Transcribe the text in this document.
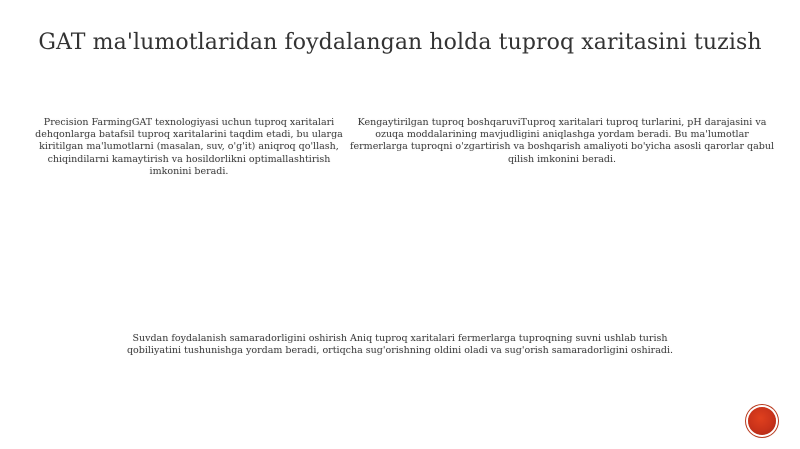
GAT ma'lumotlaridan foydalangan holda tuproq xaritasini tuzish
Precision FarmingGAT texnologiyasi uchun tuproq xaritalari dehqonlarga batafsil tuproq xaritalarini taqdim etadi, bu ularga kiritilgan ma'lumotlarni (masalan, suv, o'g'it) aniqroq qo'llash, chiqindilarni kamaytirish va hosildorlikni optimallashtirish imkonini beradi.
Kengaytirilgan tuproq boshqaruviTuproq xaritalari tuproq turlarini, pH darajasini va ozuqa moddalarining mavjudligini aniqlashga yordam beradi. Bu ma'lumotlar fermerlarga tuproqni o'zgartirish va boshqarish amaliyoti bo'yicha asosli qarorlar qabul qilish imkonini beradi.
Suvdan foydalanish samaradorligini oshirish Aniq tuproq xaritalari fermerlarga tuproqning suvni ushlab turish qobiliyatini tushunishga yordam beradi, ortiqcha sug'orishning oldini oladi va sug'orish samaradorligini oshiradi.
